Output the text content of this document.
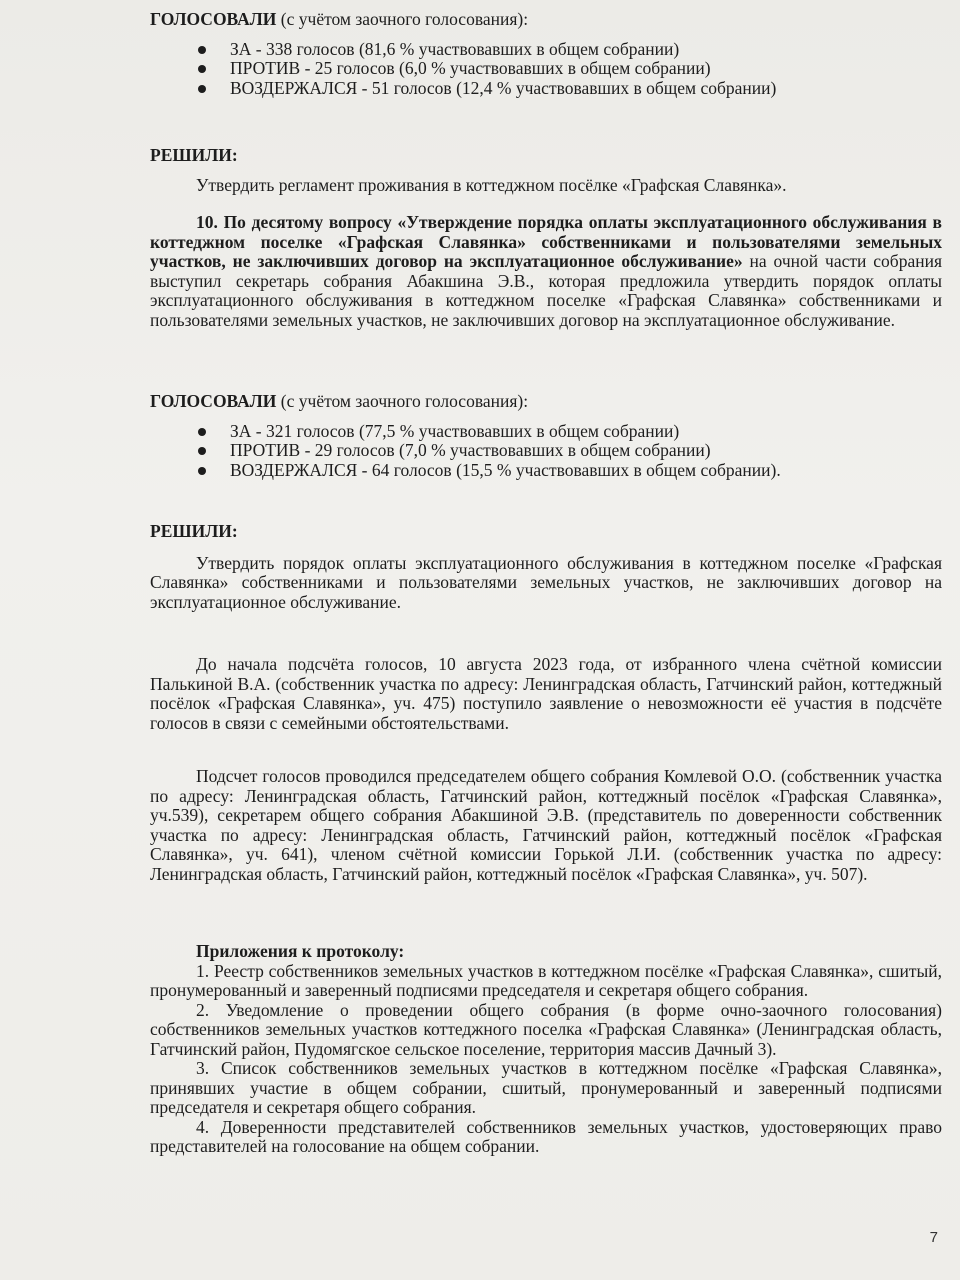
ГОЛОСОВАЛИ (с учётом заочного голосования):
ЗА - 338 голосов (81,6 % участвовавших в общем собрании)
ПРОТИВ - 25 голосов (6,0 % участвовавших в общем собрании)
ВОЗДЕРЖАЛСЯ - 51 голосов (12,4 % участвовавших в общем собрании)
РЕШИЛИ:

Утвердить регламент проживания в коттеджном посёлке «Графская Славянка».

10. По десятому вопросу «Утверждение порядка оплаты эксплуатационного обслуживания в коттеджном поселке «Графская Славянка» собственниками и пользователями земельных участков, не заключивших договор на эксплуатационное обслуживание» на очной части собрания выступил секретарь собрания Абакшина Э.В., которая предложила утвердить порядок оплаты эксплуатационного обслуживания в коттеджном поселке «Графская Славянка» собственниками и пользователями земельных участков, не заключивших договор на эксплуатационное обслуживание.

ГОЛОСОВАЛИ (с учётом заочного голосования):
ЗА - 321 голосов (77,5 % участвовавших в общем собрании)
ПРОТИВ - 29 голосов (7,0 % участвовавших в общем собрании)
ВОЗДЕРЖАЛСЯ - 64 голосов (15,5 % участвовавших в общем собрании).
РЕШИЛИ:

Утвердить порядок оплаты эксплуатационного обслуживания в коттеджном поселке «Графская Славянка» собственниками и пользователями земельных участков, не заключивших договор на эксплуатационное обслуживание.

До начала подсчёта голосов, 10 августа 2023 года, от избранного члена счётной комиссии Палькиной В.А. (собственник участка по адресу: Ленинградская область, Гатчинский район, коттеджный посёлок «Графская Славянка», уч. 475) поступило заявление о невозможности её участия в подсчёте голосов в связи с семейными обстоятельствами.

Подсчет голосов проводился председателем общего собрания Комлевой О.О. (собственник участка по адресу: Ленинградская область, Гатчинский район, коттеджный посёлок «Графская Славянка», уч.539), секретарем общего собрания Абакшиной Э.В. (представитель по доверенности собственник участка по адресу: Ленинградская область, Гатчинский район, коттеджный посёлок «Графская Славянка», уч. 641), членом счётной комиссии Горькой Л.И. (собственник участка по адресу: Ленинградская область, Гатчинский район, коттеджный посёлок «Графская Славянка», уч. 507).

Приложения к протоколу:

1. Реестр собственников земельных участков в коттеджном посёлке «Графская Славянка», сшитый, пронумерованный и заверенный подписями председателя и секретаря общего собрания.

2. Уведомление о проведении общего собрания (в форме очно-заочного голосования) собственников земельных участков коттеджного поселка «Графская Славянка» (Ленинградская область, Гатчинский район, Пудомягское сельское поселение, территория массив Дачный 3).

3. Список собственников земельных участков в коттеджном посёлке «Графская Славянка», принявших участие в общем собрании, сшитый, пронумерованный и заверенный подписями председателя и секретаря общего собрания.

4. Доверенности представителей собственников земельных участков, удостоверяющих право представителей на голосование на общем собрании.

7
